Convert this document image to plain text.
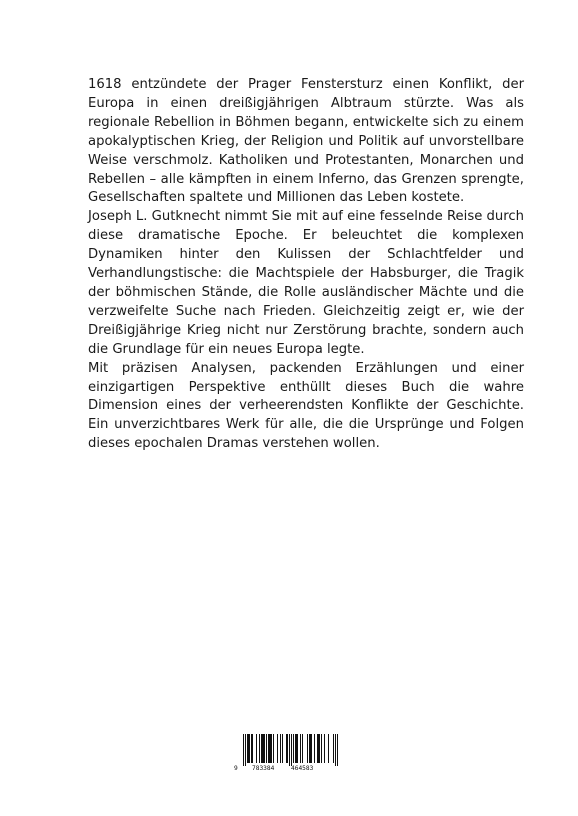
1618 entzündete der Prager Fenstersturz einen Konflikt, der Europa in einen dreißigjährigen Albtraum stürzte. Was als regionale Rebellion in Böhmen begann, entwickelte sich zu einem apokalyptischen Krieg, der Religion und Politik auf unvorstellbare Weise verschmolz. Katholiken und Protestanten, Monarchen und Rebellen – alle kämpften in einem Inferno, das Grenzen sprengte, Gesellschaften spaltete und Millionen das Leben kostete.

Joseph L. Gutknecht nimmt Sie mit auf eine fesselnde Reise durch diese dramatische Epoche. Er beleuchtet die komplexen Dynamiken hinter den Kulissen der Schlachtfelder und Verhandlungstische: die Machtspiele der Habsburger, die Tragik der böhmischen Stände, die Rolle ausländischer Mächte und die verzweifelte Suche nach Frieden. Gleichzeitig zeigt er, wie der Dreißigjährige Krieg nicht nur Zerstörung brachte, sondern auch die Grundlage für ein neues Europa legte.

Mit präzisen Analysen, packenden Erzählungen und einer einzigartigen Perspektive enthüllt dieses Buch die wahre Dimension eines der verheerendsten Konflikte der Geschichte. Ein unverzichtbares Werk für alle, die die Ursprünge und Folgen dieses epochalen Dramas verstehen wollen.

9 783384	464583
